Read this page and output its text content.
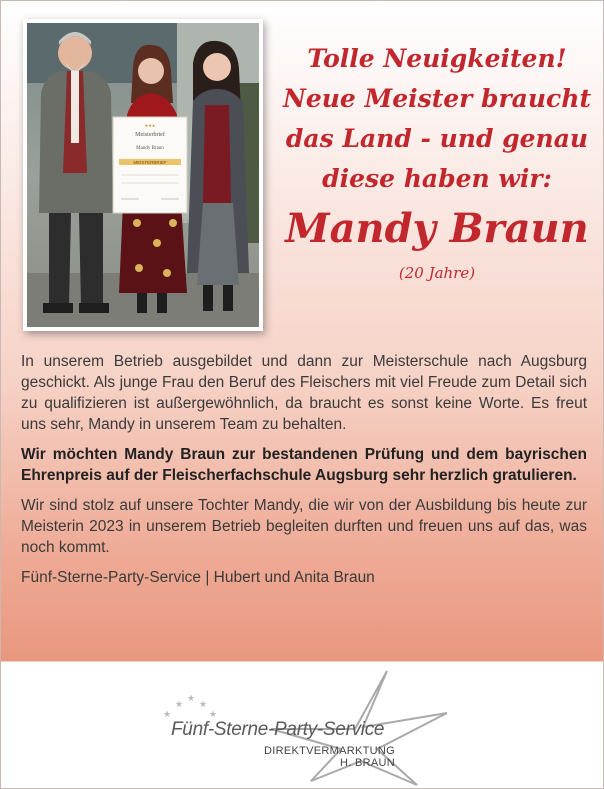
★★★
Meisterbrief
Mandy Braun
MEISTERBRIEF
Tolle Neuigkeiten!
Neue Meister braucht
das Land - und genau
diese haben wir:
Mandy Braun
(20 Jahre)

In unserem Betrieb ausgebildet und dann zur Meisterschule nach Augsburg geschickt. Als junge Frau den Beruf des Fleischers mit viel Freude zum Detail sich zu qualifizieren ist außergewöhnlich, da braucht es sonst keine Worte. Es freut uns sehr, Mandy in unserem Team zu behalten.

Wir möchten Mandy Braun zur bestandenen Prüfung und dem bayrischen Ehrenpreis auf der Fleischerfachschule Augsburg sehr herzlich gratulieren.

Wir sind stolz auf unsere Tochter Mandy, die wir von der Ausbildung bis heute zur Meisterin 2023 in unserem Betrieb begleiten durften und freuen uns auf das, was noch kommt.

Fünf-Sterne-Party-Service | Hubert und Anita Braun

★
★
★
★
★
Fünf-Sterne-Party-Service
DIREKTVERMARKTUNG
H. BRAUN
